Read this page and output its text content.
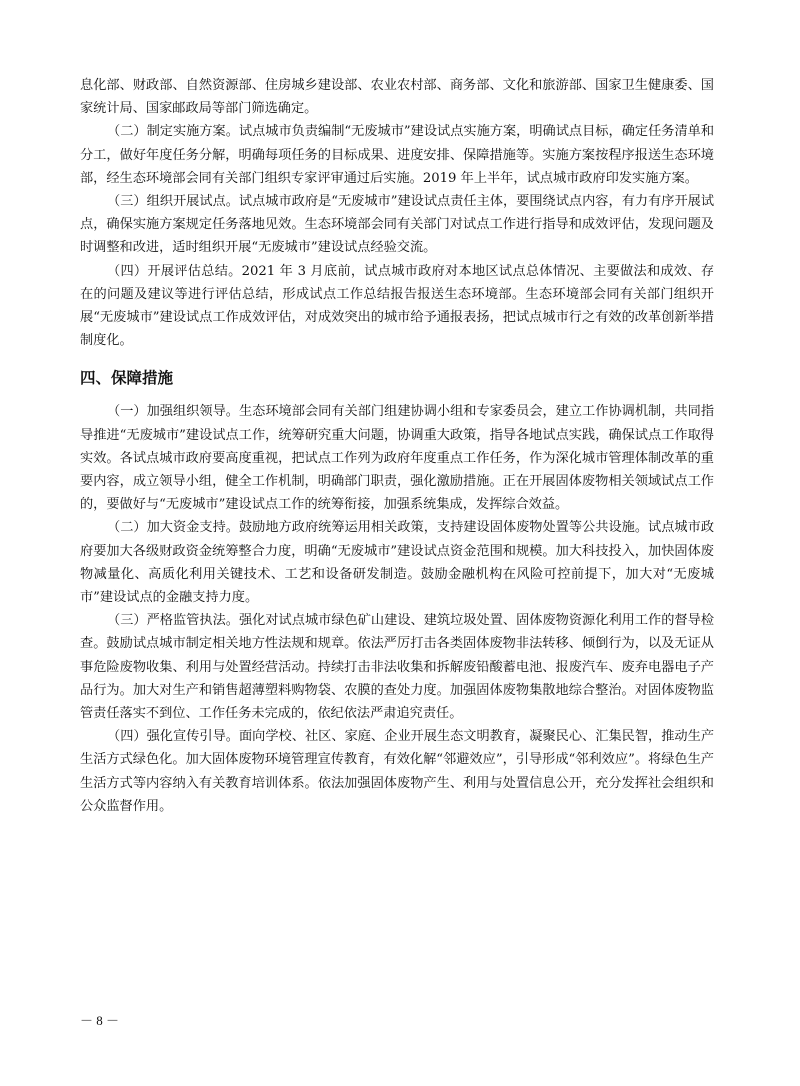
息化部、财政部、自然资源部、住房城乡建设部、农业农村部、商务部、文化和旅游部、国家卫生健康委、国家统计局、国家邮政局等部门筛选确定。

（二）制定实施方案。试点城市负责编制“无废城市”建设试点实施方案，明确试点目标，确定任务清单和分工，做好年度任务分解，明确每项任务的目标成果、进度安排、保障措施等。实施方案按程序报送生态环境部，经生态环境部会同有关部门组织专家评审通过后实施。2019 年上半年，试点城市政府印发实施方案。

（三）组织开展试点。试点城市政府是“无废城市”建设试点责任主体，要围绕试点内容，有力有序开展试点，确保实施方案规定任务落地见效。生态环境部会同有关部门对试点工作进行指导和成效评估，发现问题及时调整和改进，适时组织开展“无废城市”建设试点经验交流。

（四）开展评估总结。2021 年 3 月底前，试点城市政府对本地区试点总体情况、主要做法和成效、存在的问题及建议等进行评估总结，形成试点工作总结报告报送生态环境部。生态环境部会同有关部门组织开展“无废城市”建设试点工作成效评估，对成效突出的城市给予通报表扬，把试点城市行之有效的改革创新举措制度化。

四、保障措施

（一）加强组织领导。生态环境部会同有关部门组建协调小组和专家委员会，建立工作协调机制，共同指导推进“无废城市”建设试点工作，统筹研究重大问题，协调重大政策，指导各地试点实践，确保试点工作取得实效。各试点城市政府要高度重视，把试点工作列为政府年度重点工作任务，作为深化城市管理体制改革的重要内容，成立领导小组，健全工作机制，明确部门职责，强化激励措施。正在开展固体废物相关领域试点工作的，要做好与“无废城市”建设试点工作的统筹衔接，加强系统集成，发挥综合效益。

（二）加大资金支持。鼓励地方政府统筹运用相关政策，支持建设固体废物处置等公共设施。试点城市政府要加大各级财政资金统筹整合力度，明确“无废城市”建设试点资金范围和规模。加大科技投入，加快固体废物减量化、高质化利用关键技术、工艺和设备研发制造。鼓励金融机构在风险可控前提下，加大对“无废城市”建设试点的金融支持力度。

（三）严格监管执法。强化对试点城市绿色矿山建设、建筑垃圾处置、固体废物资源化利用工作的督导检查。鼓励试点城市制定相关地方性法规和规章。依法严厉打击各类固体废物非法转移、倾倒行为，以及无证从事危险废物收集、利用与处置经营活动。持续打击非法收集和拆解废铅酸蓄电池、报废汽车、废弃电器电子产品行为。加大对生产和销售超薄塑料购物袋、农膜的查处力度。加强固体废物集散地综合整治。对固体废物监管责任落实不到位、工作任务未完成的，依纪依法严肃追究责任。

（四）强化宣传引导。面向学校、社区、家庭、企业开展生态文明教育，凝聚民心、汇集民智，推动生产生活方式绿色化。加大固体废物环境管理宣传教育，有效化解“邻避效应”，引导形成“邻利效应”。将绿色生产生活方式等内容纳入有关教育培训体系。依法加强固体废物产生、利用与处置信息公开，充分发挥社会组织和公众监督作用。

－ 8 －
